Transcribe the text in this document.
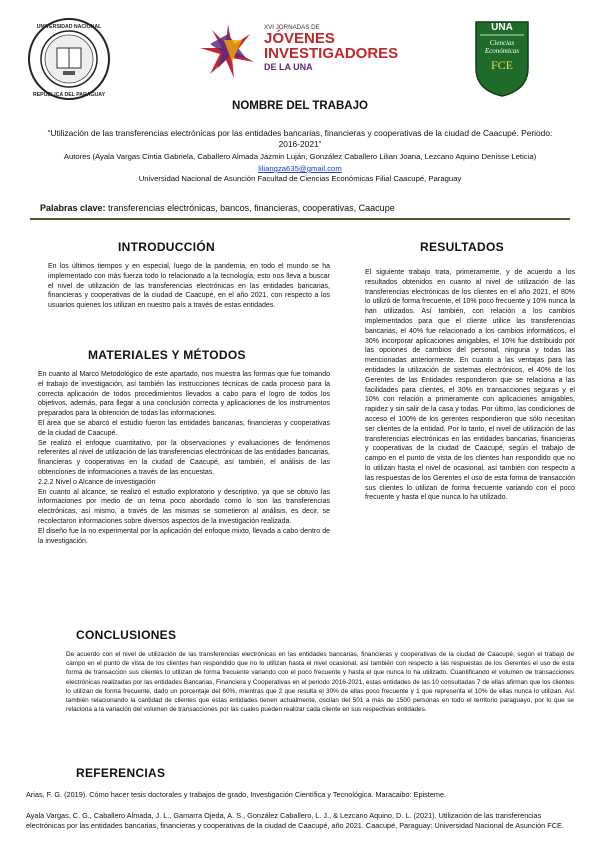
UNIVERSIDAD NACIONAL
REPÚBLICA DEL PARAGUAY
XVI JORNADAS DE
JÓVENES
INVESTIGADORES
DE LA UNA
UNA
Ciencias
Económicas
FCE
NOMBRE DEL TRABAJO
“Utilización de las transferencias electrónicas por las entidades bancarias, financieras y cooperativas de la ciudad de Caacupé. Periodo: 2016-2021”
Autores (Ayala Vargas Cintia Gabriela, Caballero Almada Jazmin Luján, González Caballero Lilian Joana, Lezcano Aquino Denisse Leticia)
liliangza635@gmail.com
Universidad Nacional de Asunción Facultad de Ciencias Económicas Filial Caacupé, Paraguay
Palabras clave: transferencias electrónicas, bancos, financieras, cooperativas, Caacupe
INTRODUCCIÓN

En los últimos tiempos y en especial, luego de la pandemia, en todo el mundo se ha implementado con más fuerza todo lo relacionado a la tecnología, esto nos lleva a buscar el nivel de utilización de las transferencias electrónicas en las entidades bancarias, financieras y cooperativas de la ciudad de Caacupé, en el año 2021, con respecto a los usuarios quienes los utilizan en nuestro país a través de estas entidades.

MATERIALES Y MÉTODOS

En cuanto al Marco Metodológico de este apartado, nos muestra las formas que fue tomando el trabajo de investigación, así también las instrucciones técnicas de cada proceso para la correcta aplicación de todos procedimientos llevados a cabo para el logro de todos los objetivos, además, para llegar a una conclusión correcta y aplicaciones de los instrumentos preparados para la obtención de todas las informaciones.

El área que se abarcó el estudio fueron las entidades bancarias, financieras y cooperativas de la ciudad de Caacupé.

Se realizó el enfoque cuantitativo, por la observaciones y evaluaciones de fenómenos referentes al nivel de utilización de las transferencias electrónicas de las entidades bancarias, financieras y cooperativas en la ciudad de Caacupé, así también, el análisis de las obtenciones de informaciones a través de las encuestas.

2.2.2 Nivel o Alcance de investigación

En cuanto al alcance, se realizó el estudio exploratorio y descriptivo, ya que se obtuvo las informaciones por medio de un tema poco abordado como lo son las transferencias electrónicas, así mismo, a través de las mismas se sometieron al análisis, es decir, se recolectaron informaciones sobre diversos aspectos de la investigación realizada.

El diseño fue la no experimental por la aplicación del enfoque mixto, llevada a cabo dentro de la investigación.

RESULTADOS

El siguiente trabajo trata, primeramente, y de acuerdo a los resultados obtenidos en cuanto al nivel de utilización de las transferencias electrónicas de los clientes en el año 2021, el 80% lo utilizó de forma frecuente, el 10% poco frecuente y 10% nunca la han utilizados. Así también, con relación a los cambios implementados para que el cliente utilice las transferencias bancarias, el 40% fue relacionado a los cambios informáticos, el 30% incorporar aplicaciones amigables, el 10% fue distribuido por las opciones de cambios del personal, ninguna y todas las mencionadas anteriormente. En cuanto a las ventajas para las entidades la utilización de sistemas electrónicos, el 40% de los Gerentes de las Entidades respondieron que se relaciona a las facilidades para clientes, el 30% en transacciones seguras y el 10% con relación a primeramente con aplicaciones amigables, rapidez y sin salir de la casa y todas. Por último, las condiciones de acceso el 100% de los gerentes respondieron que sólo necesitan ser clientes de la entidad. Por lo tanto, el nivel de utilización de las transferencias electrónicas en las entidades bancarias, financieras y cooperativas de la ciudad de Caacupé, según el trabajo de campo en el punto de vista de los clientes han respondido que no lo utilizan hasta el nivel de ocasional, así también con respecto a las respuestas de los Gerentes el uso de esta forma de transacción sus clientes lo utilizan de forma frecuente variando con el poco frecuente y hasta el que nunca lo ha utilizado.

CONCLUSIONES

De acuerdo con el nivel de utilización de las transferencias electrónicas en las entidades bancarias, financieras y cooperativas de la ciudad de Caacupé, según el trabajo de campo en el punto de vista de los clientes han respondido que no lo utilizan hasta el nivel ocasional, así también con respecto a las respuestas de los Gerentes el uso de esta forma de transacción sus clientes lo utilizan de forma frecuente variando con el poco frecuente y hasta el que nunca lo ha utilizado. Cuantificando el volumen de transacciones electrónicas realizadas por las entidades Bancarias, Financiera y Cooperativas en el periodo 2016-2021, estas entidades de las 10 consultadas 7 de ellas afirman que los clientes lo utilizan de forma frecuente, dado un porcentaje del 60%, mientras que 2 que resulta el 30% de ellas poco frecuente y 1 que representa el 10% de ellas nunca lo utilizan. Así también relacionando la cantidad de clientes que estas entidades tienen actualmente, oscilan del 501 a más de 1500 personas en todo el territorio paraguayo, por lo que se relaciona a la variación del volumen de transacciones por las cuales pueden realizar cada cliente en sus respectivas entidades.

REFERENCIAS
Arias, F. G. (2019). Cómo hacer tesis doctorales y trabajos de grado, Investigación Científica y Tecnológica. Maracaibo: Episteme.
Ayala Vargas, C. G., Caballero Almada, J. L., Gamarra Ojeda, A. S., González Caballero, L. J., & Lezcano Aquino, D. L. (2021). Utilización de las transferencias electrónicas por las entidades bancarias, financieras y cooperativas de la ciudad de Caacupé, año 2021. Caacupé, Paraguay: Universidad Nacional de Asunción FCE.
